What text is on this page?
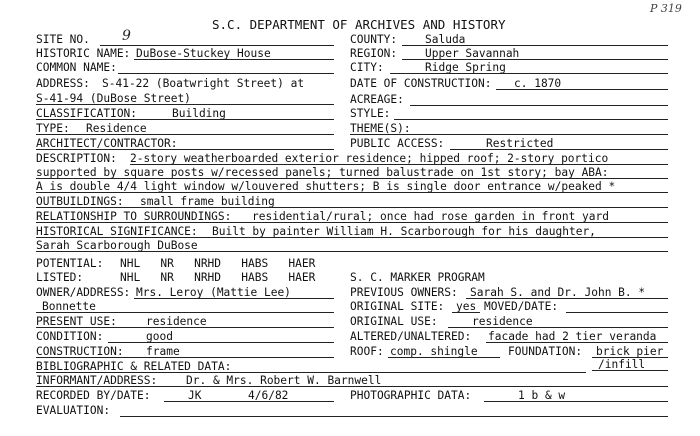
S.C. DEPARTMENT OF ARCHIVES AND HISTORY
P 319
SITE NO. 9	COUNTY: Saluda
HISTORIC NAME: DuBose-Stuckey House	REGION: Upper Savannah
COMMON NAME:	CITY:	Ridge Spring
ADDRESS: S-41-22 (Boatwright Street) at
S-41-94 (DuBose Street)
DATE OF CONSTRUCTION: c. 1870
ACREAGE:
CLASSIFICATION:	Building	STYLE:
TYPE: Residence	THEME(S):
ARCHITECT/CONTRACTOR:	PUBLIC ACCESS:	Restricted
DESCRIPTION: 2-story weatherboarded exterior residence; hipped roof; 2-story portico
supported by square posts w/recessed panels; turned balustrade on 1st story; bay ABA:
A is double 4/4 light window w/louvered shutters; B is single door entrance w/peaked *
OUTBUILDINGS: small frame building
RELATIONSHIP TO SURROUNDINGS: residential/rural; once had rose garden in front yard
HISTORICAL SIGNIFICANCE: Built by painter William H. Scarborough for his daughter,
Sarah Scarborough DuBose
POTENTIAL: NHL   NR   NRHD   HABS   HAER
LISTED:	NHL   NR   NRHD   HABS   HAER	S. C. MARKER PROGRAM
OWNER/ADDRESS: Mrs. Leroy (Mattie Lee)
Bonnette
PREVIOUS OWNERS: Sarah S. and Dr. John B. *
ORIGINAL SITE: yes MOVED/DATE:
PRESENT USE:	residence	ORIGINAL USE:	residence
CONDITION:	good	ALTERED/UNALTERED: facade had 2 tier veranda
CONSTRUCTION: frame	ROOF: comp. shingle	FOUNDATION: brick pier
/infill
BIBLIOGRAPHIC & RELATED DATA:
INFORMANT/ADDRESS:	Dr. & Mrs. Robert W. Barnwell
RECORDED BY/DATE:	JK	4/6/82	PHOTOGRAPHIC DATA:	1 b & w
EVALUATION:
